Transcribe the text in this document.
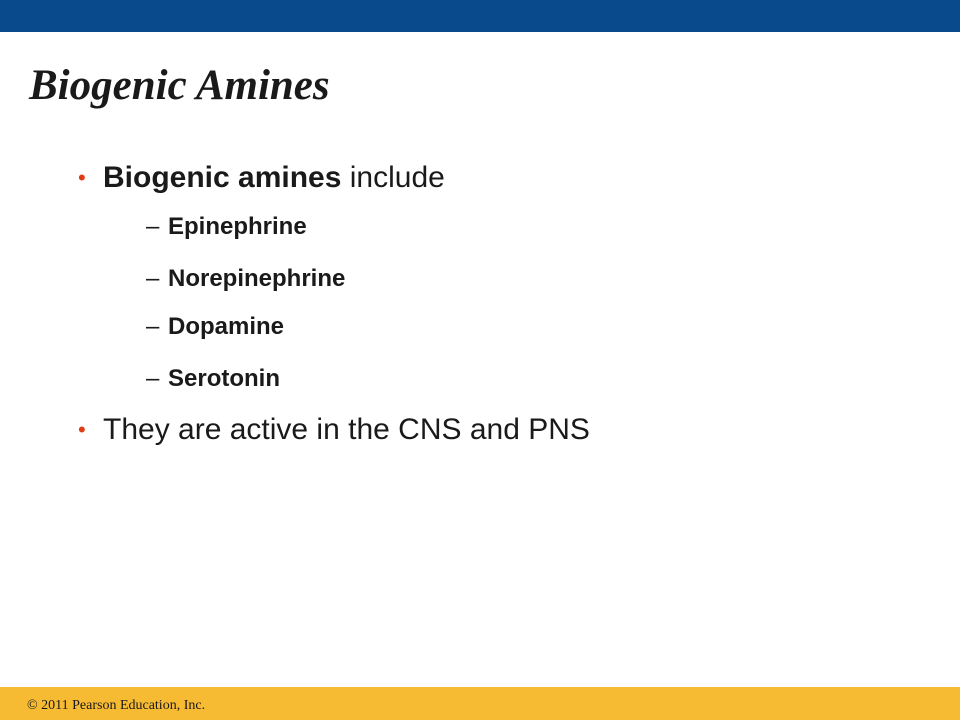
Biogenic Amines
• Biogenic amines include
– Epinephrine
– Norepinephrine
– Dopamine
– Serotonin
• They are active in the CNS and PNS
© 2011 Pearson Education, Inc.
